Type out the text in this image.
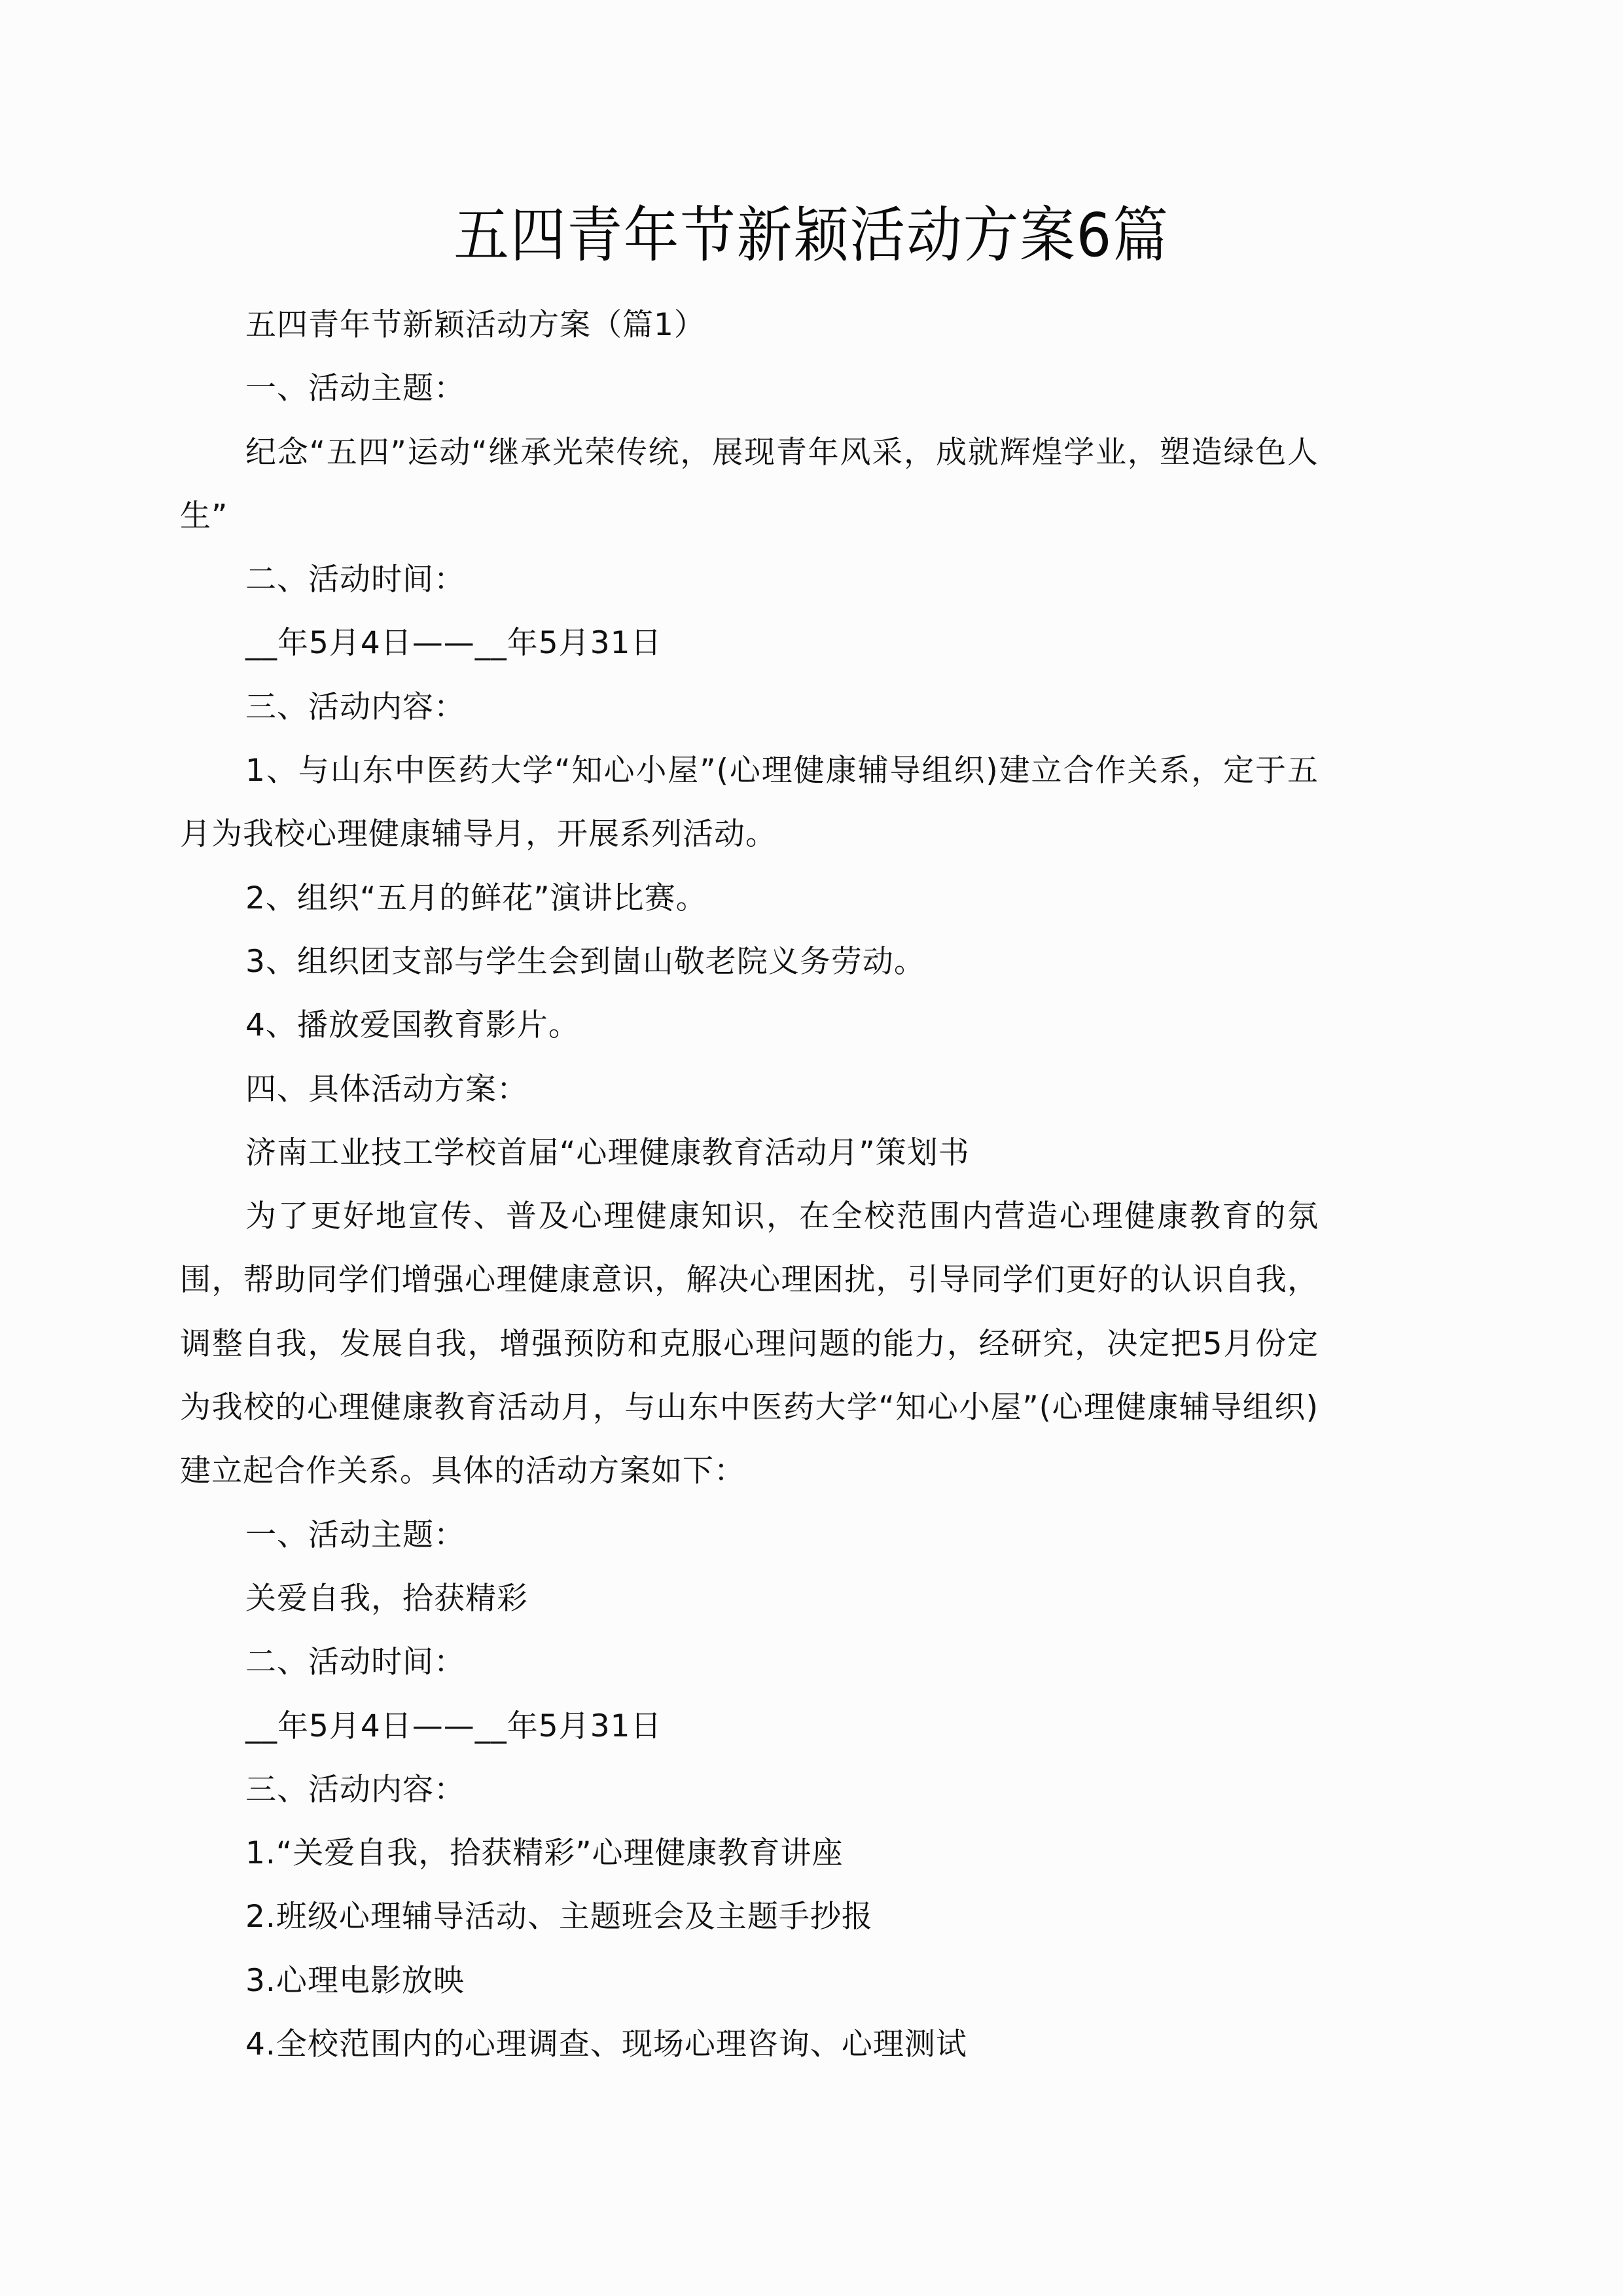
五四青年节新颖活动方案6篇

五四青年节新颖活动方案（篇1）

一、活动主题：

纪念“五四”运动“继承光荣传统，展现青年风采，成就辉煌学业，塑造绿色人生”

二、活动时间：

__年5月4日——__年5月31日

三、活动内容：

1、与山东中医药大学“知心小屋”(心理健康辅导组织)建立合作关系，定于五月为我校心理健康辅导月，开展系列活动。

2、组织“五月的鲜花”演讲比赛。

3、组织团支部与学生会到崮山敬老院义务劳动。

4、播放爱国教育影片。

四、具体活动方案：

济南工业技工学校首届“心理健康教育活动月”策划书

为了更好地宣传、普及心理健康知识，在全校范围内营造心理健康教育的氛围，帮助同学们增强心理健康意识，解决心理困扰，引导同学们更好的认识自我，调整自我，发展自我，增强预防和克服心理问题的能力，经研究，决定把5月份定为我校的心理健康教育活动月，与山东中医药大学“知心小屋”(心理健康辅导组织)建立起合作关系。具体的活动方案如下：

一、活动主题：

关爱自我，拾获精彩

二、活动时间：

__年5月4日——__年5月31日

三、活动内容：

1.“关爱自我，拾获精彩”心理健康教育讲座

2.班级心理辅导活动、主题班会及主题手抄报

3.心理电影放映

4.全校范围内的心理调查、现场心理咨询、心理测试
